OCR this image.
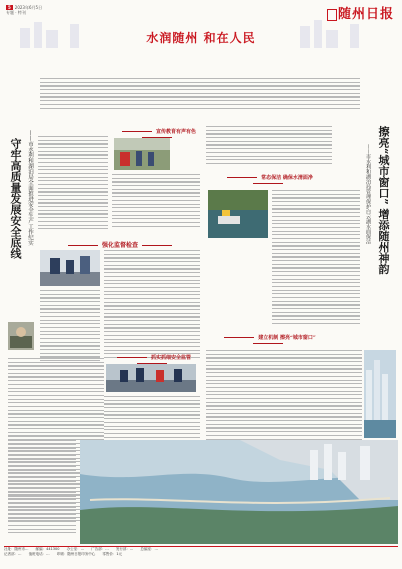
5 2023年6月5日
专题 · 特刊	随州日报
水润随州 和在人民
守牢高质量发展安全底线 ——市水利和湖泊局全面推进安全生产工作纪实	宣传教育有声有色
强化监督检查
抓实抓细安全监管
擦亮“城市窗口” 增添随州神韵
——市水利和湖泊局管理保护白云湖水面保洁
常态保洁 确保水清面净
建立机制 擦亮“城市窗口”
社址：随州市… 邮编：441300 办公室：… 广告部：… 发行部：… 总编室：…
记者部：… 值班电话：… 印刷：随州日报印务中心 零售价：1元
